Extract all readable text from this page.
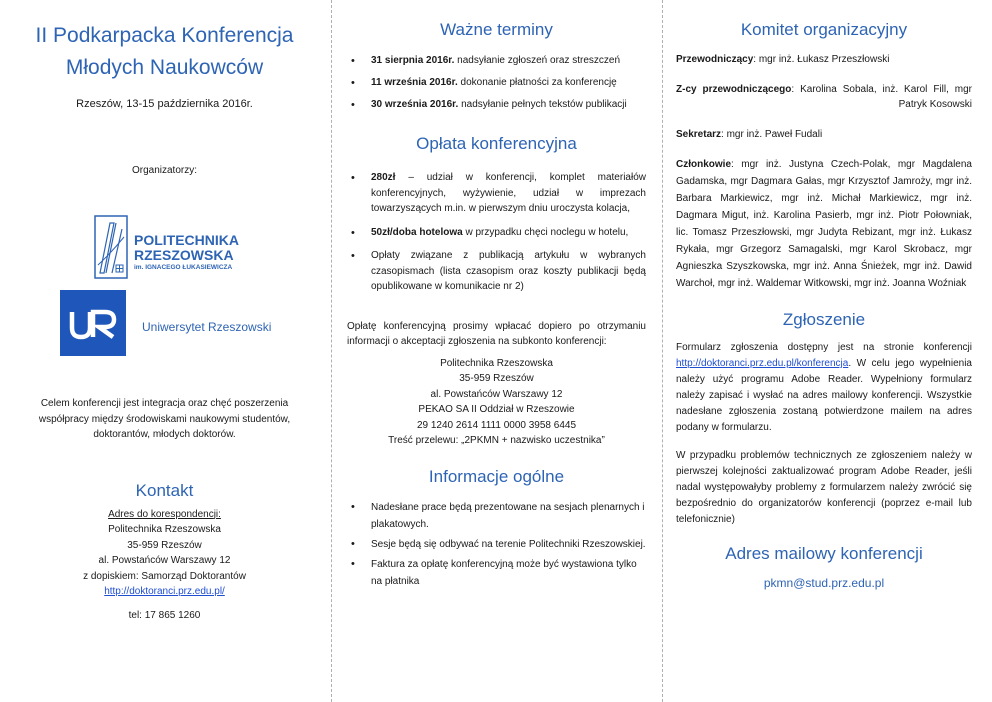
II Podkarpacka Konferencja
Młodych Naukowców
Rzeszów, 13-15 października 2016r.
Organizatorzy:
POLITECHNIKA
RZESZOWSKA
im. IGNACEGO ŁUKASIEWICZA
Uniwersytet Rzeszowski
Celem konferencji jest integracja oraz chęć poszerzenia
współpracy między środowiskami naukowymi studentów,
doktorantów, młodych doktorów.
Kontakt
Adres do korespondencji:
Politechnika Rzeszowska
35-959 Rzeszów
al. Powstańców Warszawy 12
z dopiskiem: Samorząd Doktorantów
http://doktoranci.prz.edu.pl/
tel: 17 865 1260
Ważne terminy
• 31 sierpnia 2016r. nadsyłanie zgłoszeń oraz streszczeń
• 11 września 2016r. dokonanie płatności za konferencję
• 30 września 2016r. nadsyłanie pełnych tekstów publikacji
Opłata konferencyjna
• 280zł – udział w konferencji, komplet materiałów konferencyjnych, wyżywienie, udział w imprezach towarzyszących m.in. w pierwszym dniu uroczysta kolacja,
• 50zł/doba hotelowa w przypadku chęci noclegu w hotelu,
• Opłaty związane z publikacją artykułu w wybranych czasopismach (lista czasopism oraz koszty publikacji będą opublikowane w komunikacie nr 2)
Opłatę konferencyjną prosimy wpłacać dopiero po otrzymaniu informacji o akceptacji zgłoszenia na subkonto konferencji:
Politechnika Rzeszowska
35-959 Rzeszów
al. Powstańców Warszawy 12
PEKAO SA II Oddział w Rzeszowie
29 1240 2614 1111 0000 3958 6445
Treść przelewu: „2PKMN + nazwisko uczestnika”
Informacje ogólne
• Nadesłane prace będą prezentowane na sesjach plenarnych i plakatowych.
• Sesje będą się odbywać na terenie Politechniki Rzeszowskiej.
• Faktura za opłatę konferencyjną może być wystawiona tylko na płatnika
Komitet organizacyjny
Przewodniczący: mgr inż. Łukasz Przeszłowski
Z-cy przewodniczącego: Karolina Sobala, inż. Karol Fill, mgr Patryk Kosowski
Sekretarz: mgr inż. Paweł Fudali
Członkowie: mgr inż. Justyna Czech-Polak, mgr Magdalena Gadamska, mgr Dagmara Gałas, mgr Krzysztof Jamroży, mgr inż. Barbara Markiewicz, mgr inż. Michał Markiewicz, mgr inż. Dagmara Migut, inż. Karolina Pasierb, mgr inż. Piotr Połowniak, lic. Tomasz Przeszłowski, mgr Judyta Rebizant, mgr inż. Łukasz Rykała, mgr Grzegorz Samagalski, mgr Karol Skrobacz, mgr Agnieszka Szyszkowska, mgr inż. Anna Śnieżek, mgr inż. Dawid Warchoł, mgr inż. Waldemar Witkowski, mgr inż. Joanna Woźniak
Zgłoszenie
Formularz zgłoszenia dostępny jest na stronie konferencji http://doktoranci.prz.edu.pl/konferencja. W celu jego wypełnienia należy użyć programu Adobe Reader. Wypełniony formularz należy zapisać i wysłać na adres mailowy konferencji. Wszystkie nadesłane zgłoszenia zostaną potwierdzone mailem na adres podany w formularzu.
W przypadku problemów technicznych ze zgłoszeniem należy w pierwszej kolejności zaktualizować program Adobe Reader, jeśli nadal występowałyby problemy z formularzem należy zwrócić się bezpośrednio do organizatorów konferencji (poprzez e-mail lub telefonicznie)
Adres mailowy konferencji
pkmn@stud.prz.edu.pl
